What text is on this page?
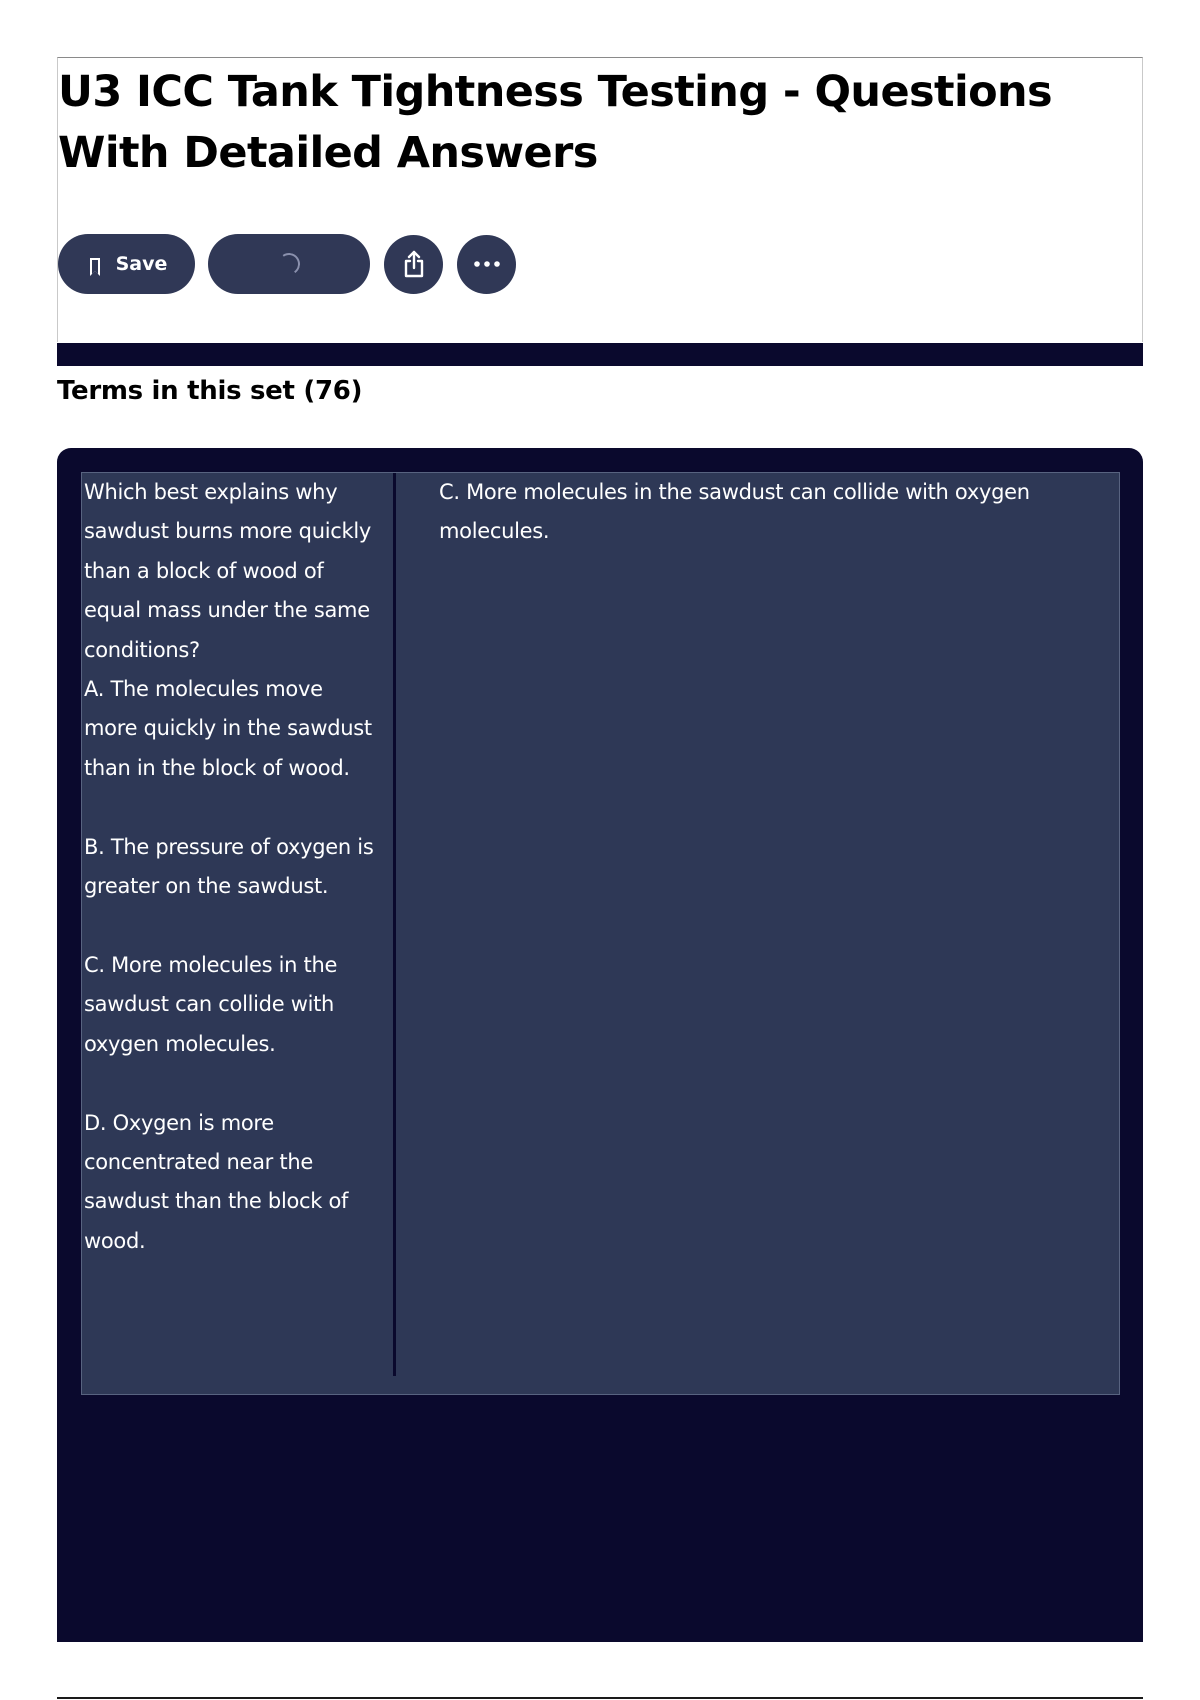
U3 ICC Tank Tightness Testing - Questions With Detailed Answers
Save
Terms in this set (76)

Which best explains why sawdust burns more quickly than a block of wood of equal mass under the same conditions?
A. The molecules move more quickly in the sawdust than in the block of wood.

B. The pressure of oxygen is greater on the sawdust.

C. More molecules in the sawdust can collide with oxygen molecules.

D. Oxygen is more concentrated near the sawdust than the block of wood.

C. More molecules in the sawdust can collide with oxygen molecules.
